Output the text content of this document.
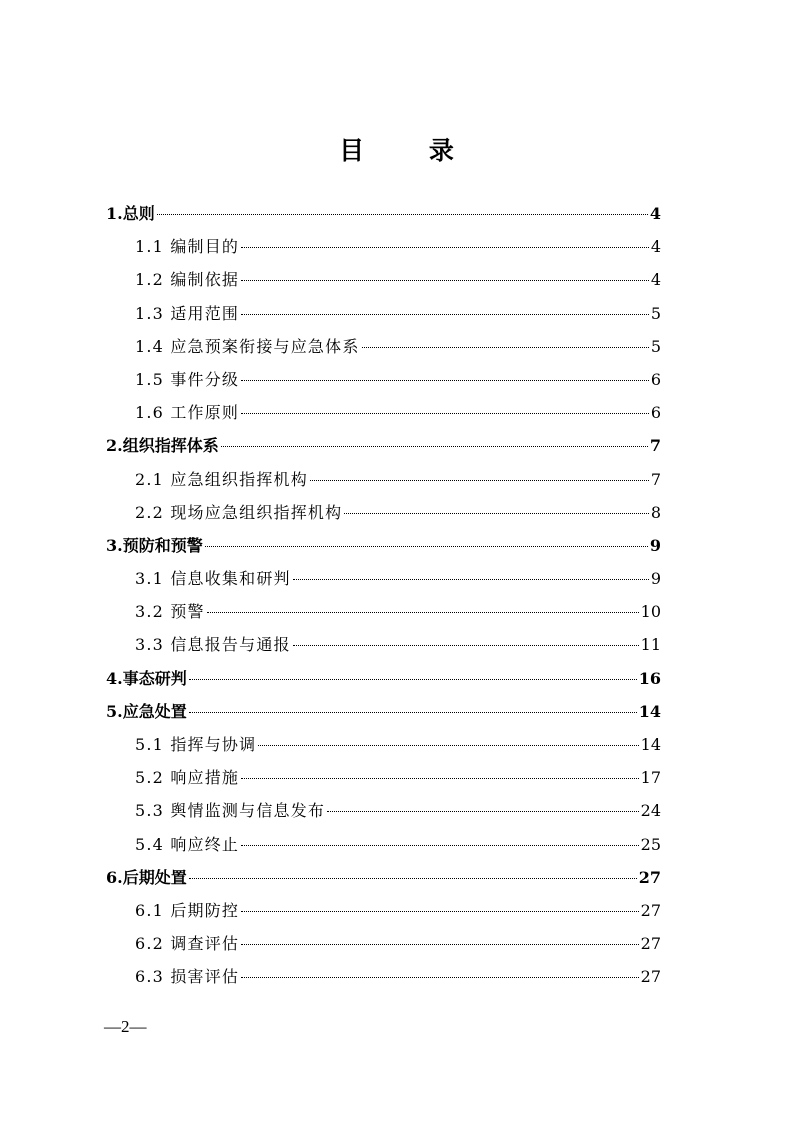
目 录
1.总则	4
1.1 编制目的	4
1.2 编制依据	4
1.3 适用范围	5
1.4 应急预案衔接与应急体系	5
1.5 事件分级	6
1.6 工作原则	6
2.组织指挥体系	7
2.1 应急组织指挥机构	7
2.2 现场应急组织指挥机构	8
3.预防和预警	9
3.1 信息收集和研判	9
3.2 预警	10
3.3 信息报告与通报	11
4.事态研判	16
5.应急处置	14
5.1 指挥与协调	14
5.2 响应措施	17
5.3 舆情监测与信息发布	24
5.4 响应终止	25
6.后期处置	27
6.1 后期防控	27
6.2 调查评估	27
6.3 损害评估	27
—2—
